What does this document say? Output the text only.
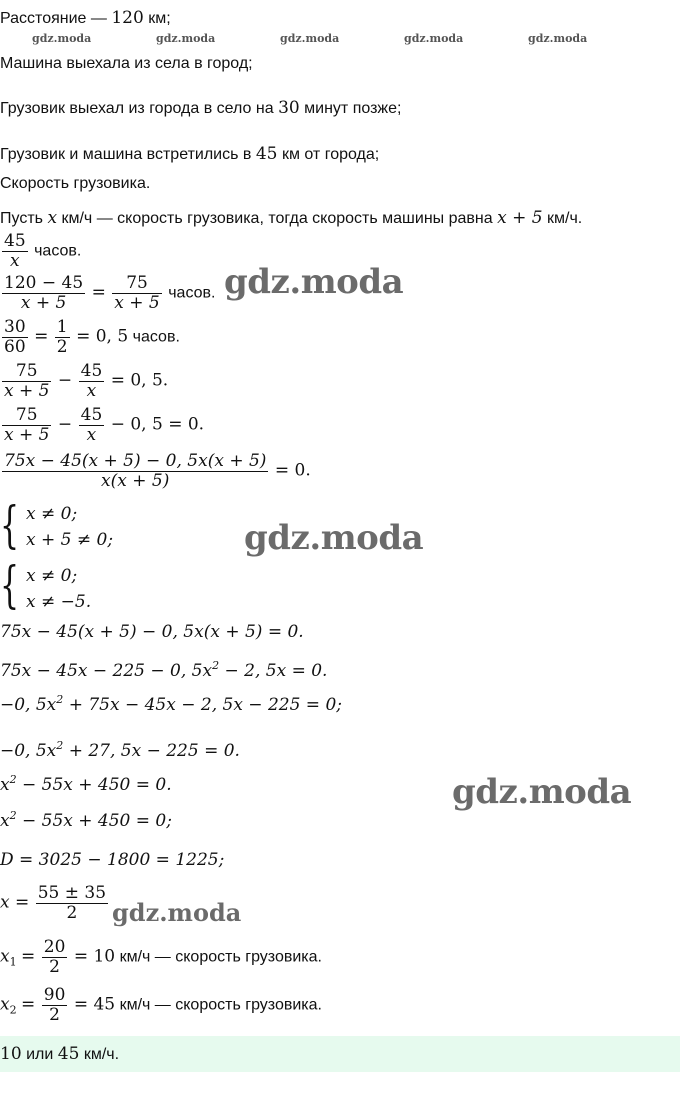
Расстояние — 120 км;
gdz.moda	gdz.moda	gdz.moda	gdz.moda	gdz.moda
Машина выехала из села в город;
Грузовик выехал из города в село на 30 минут позже;
Грузовик и машина встретились в 45 км от города;
Скорость грузовика.
Пусть x км/ч — скорость грузовика, тогда скорость машины равна x + 5 км/ч.
$\frac{45}{x}$ часов.
$\frac{120 - 45}{x + 5} = \frac{75}{x + 5}$ часов. gdz.moda
$\frac{30}{60} = \frac{1}{2} = 0$, 5 часов.
$\frac{75}{x + 5} - \frac{45}{x} = 0$, 5.
$\frac{75}{x + 5} - \frac{45}{x} - 0$, 5 = 0.
$\frac{75x - 45(x + 5) - 0, 5x(x + 5)}{x(x + 5)} = 0$.
{ x ≠ 0;
x + 5 ≠ 0;	gdz.moda
{ x ≠ 0;
x ≠ −5.
75x − 45(x + 5) − 0, 5x(x + 5) = 0.
75x − 45x − 225 − 0, $5x^2 - 2$, 5x = 0.
−0, $5x^2 + 75x - 45x - 2$, 5x − 225 = 0;
−0, $5x^2 + 27$, 5x − 225 = 0.
$x^2 - 55x + 450 = 0$.	gdz.moda
$x^2 - 55x + 450 = 0$;
D = 3025 − 1800 = 1225;
$x = \frac{55 \pm 35}{2}$ gdz.moda
$x_1 = \frac{20}{2} = 10$ км/ч — скорость грузовика.
$x_2 = \frac{90}{2} = 45$ км/ч — скорость грузовика.
10 или 45 км/ч.
